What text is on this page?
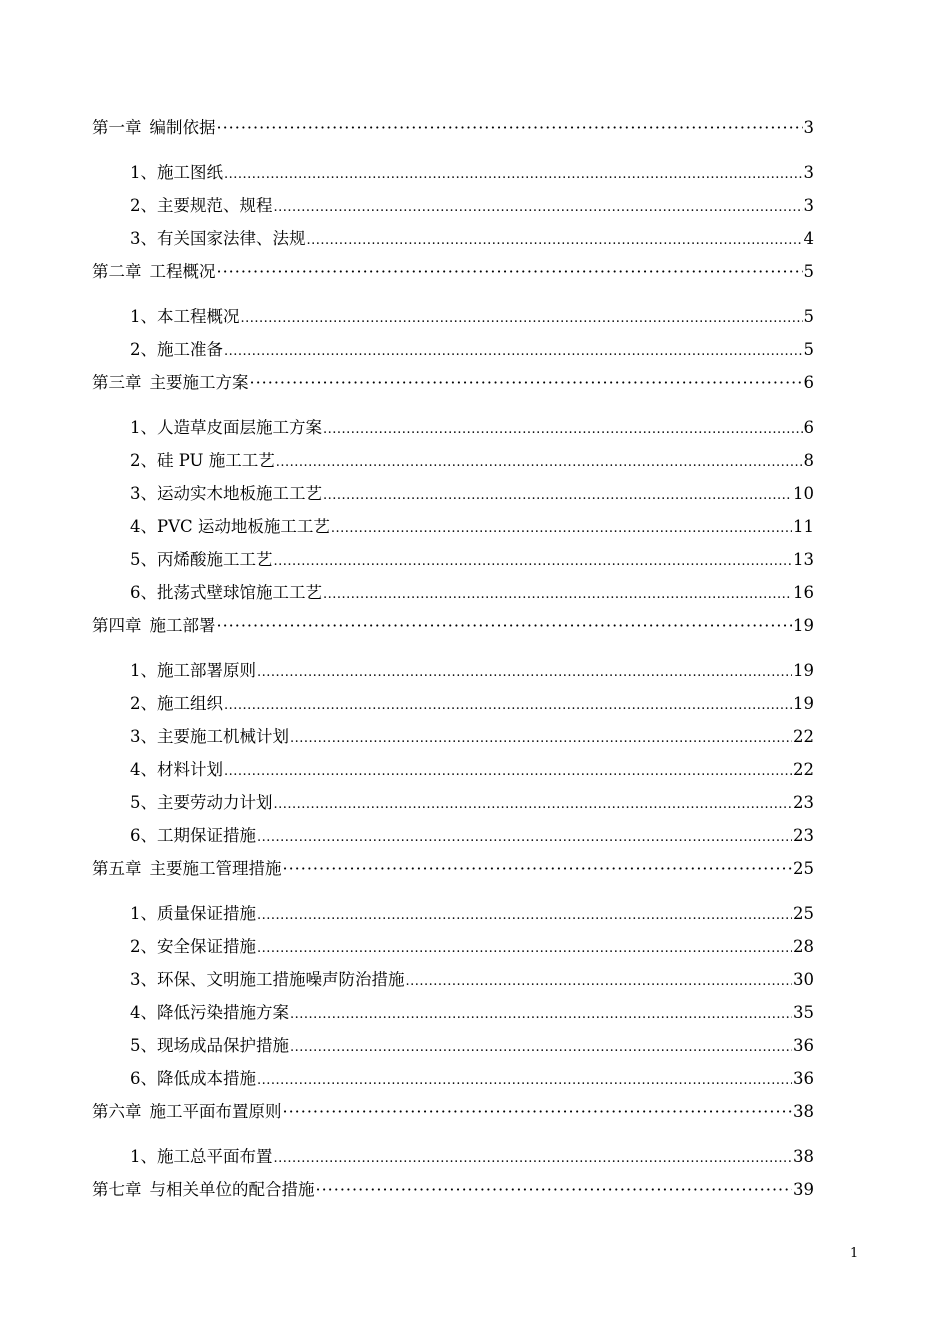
第一章 编制依据 ·····	3
1、 施工图纸 .....	3
2、 主要规范、规程 .....	3
3、 有关国家法律、法规 .....	4
第二章 工程概况 ·····	5
1、 本工程概况 .....	5
2、 施工准备 .....	5
第三章 主要施工方案 ·····	6
1、 人造草皮面层施工方案 .....	6
2、 硅 PU 施工工艺 .....	8
3、 运动实木地板施工工艺 .....	10
4、 PVC 运动地板施工工艺 .....	11
5、 丙烯酸施工工艺 .....	13
6、 批荡式壁球馆施工工艺 .....	16
第四章 施工部署 ·····	19
1、 施工部署原则 .....	19
2、 施工组织 .....	19
3、 主要施工机械计划 .....	22
4、 材料计划 .....	22
5、 主要劳动力计划 .....	23
6、 工期保证措施 .....	23
第五章 主要施工管理措施 ·····	25
1、 质量保证措施 .....	25
2、 安全保证措施 .....	28
3、 环保、文明施工措施噪声防治措施 .....	30
4、 降低污染措施方案 .....	35
5、 现场成品保护措施 .....	36
6、 降低成本措施 .....	36
第六章 施工平面布置原则 ·····	38
1、 施工总平面布置 .....	38
第七章 与相关单位的配合措施 ·····	39
1
